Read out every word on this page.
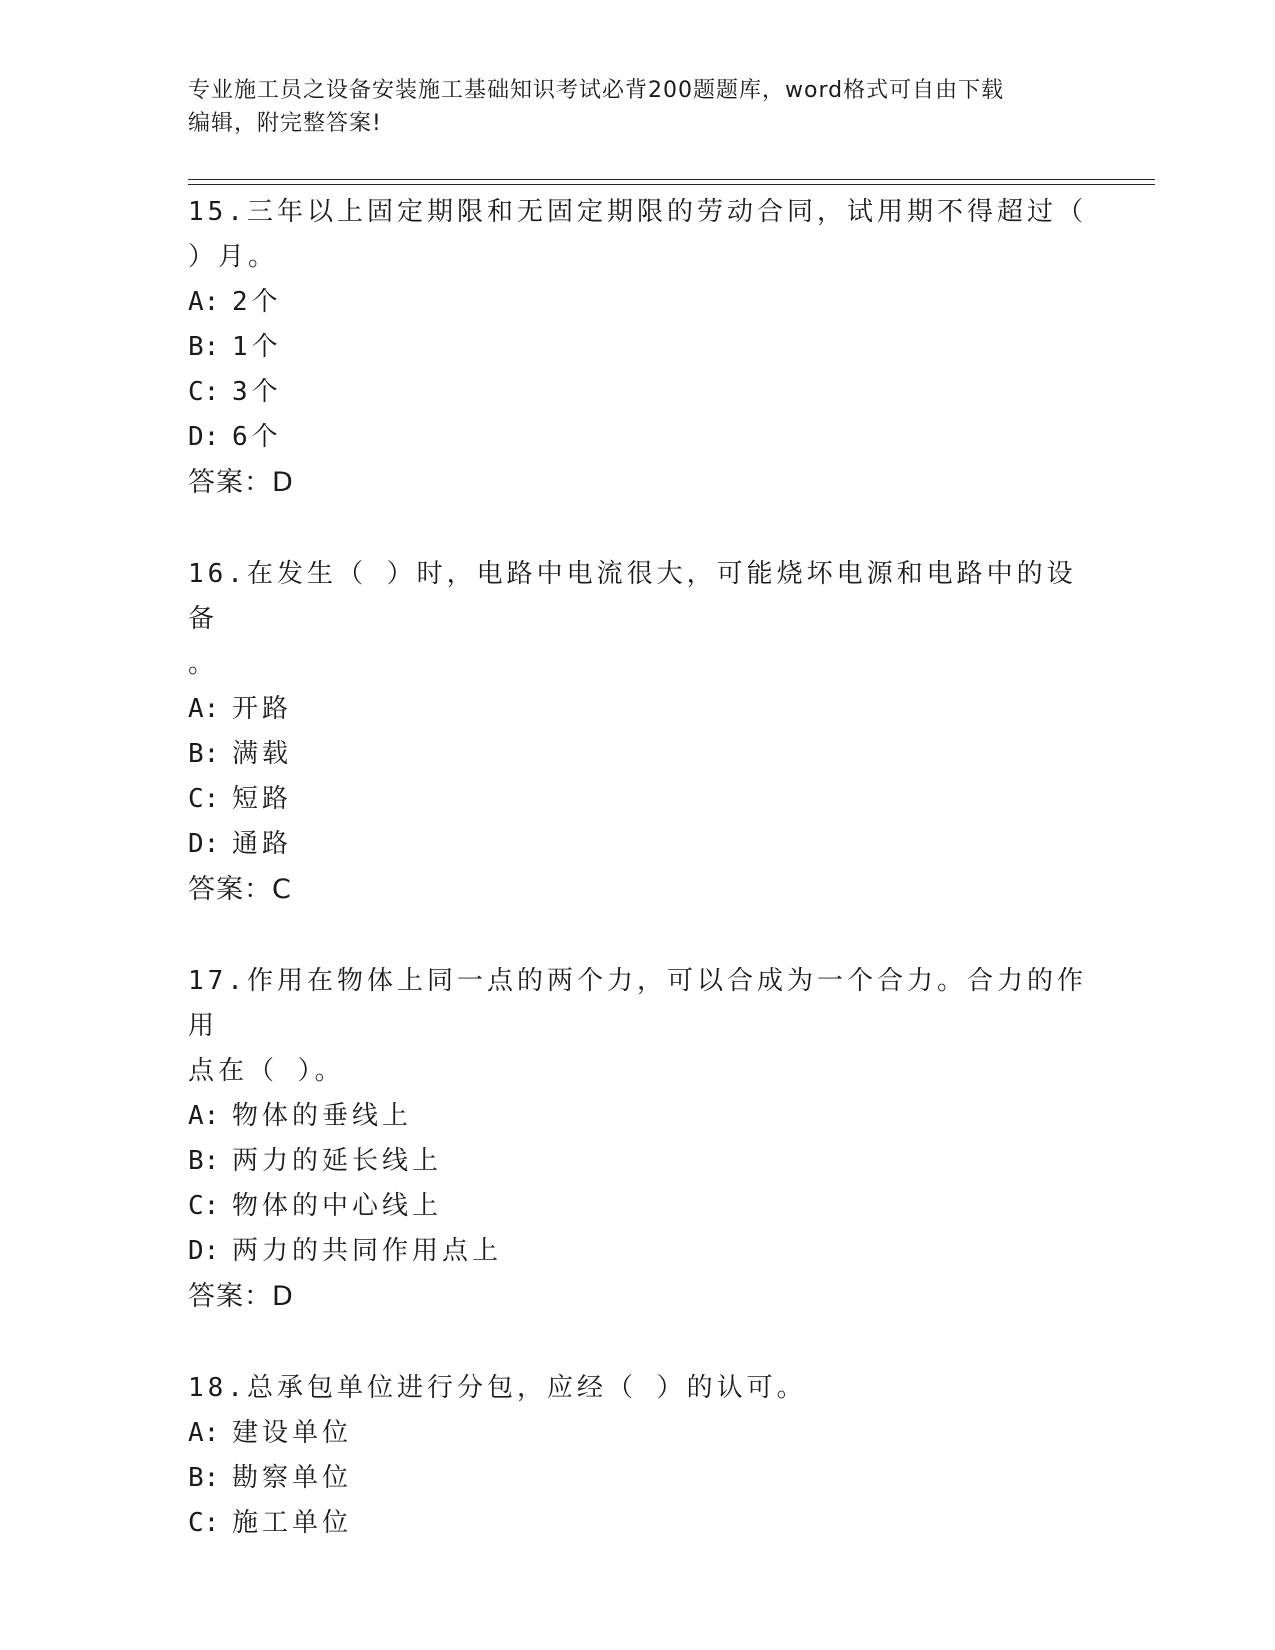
专业施工员之设备安装施工基础知识考试必背200题题库，word格式可自由下载
编辑，附完整答案!
15.三年以上固定期限和无固定期限的劳动合同，试用期不得超过（
）月。
A: 2个
B: 1个
C: 3个
D: 6个
答案：D
16.在发生（ ）时，电路中电流很大，可能烧坏电源和电路中的设备
。
A: 开路
B: 满载
C: 短路
D: 通路
答案：C
17.作用在物体上同一点的两个力，可以合成为一个合力。合力的作用
点在（ ）。
A: 物体的垂线上
B: 两力的延长线上
C: 物体的中心线上
D: 两力的共同作用点上
答案：D
18.总承包单位进行分包，应经（ ）的认可。
A: 建设单位
B: 勘察单位
C: 施工单位
